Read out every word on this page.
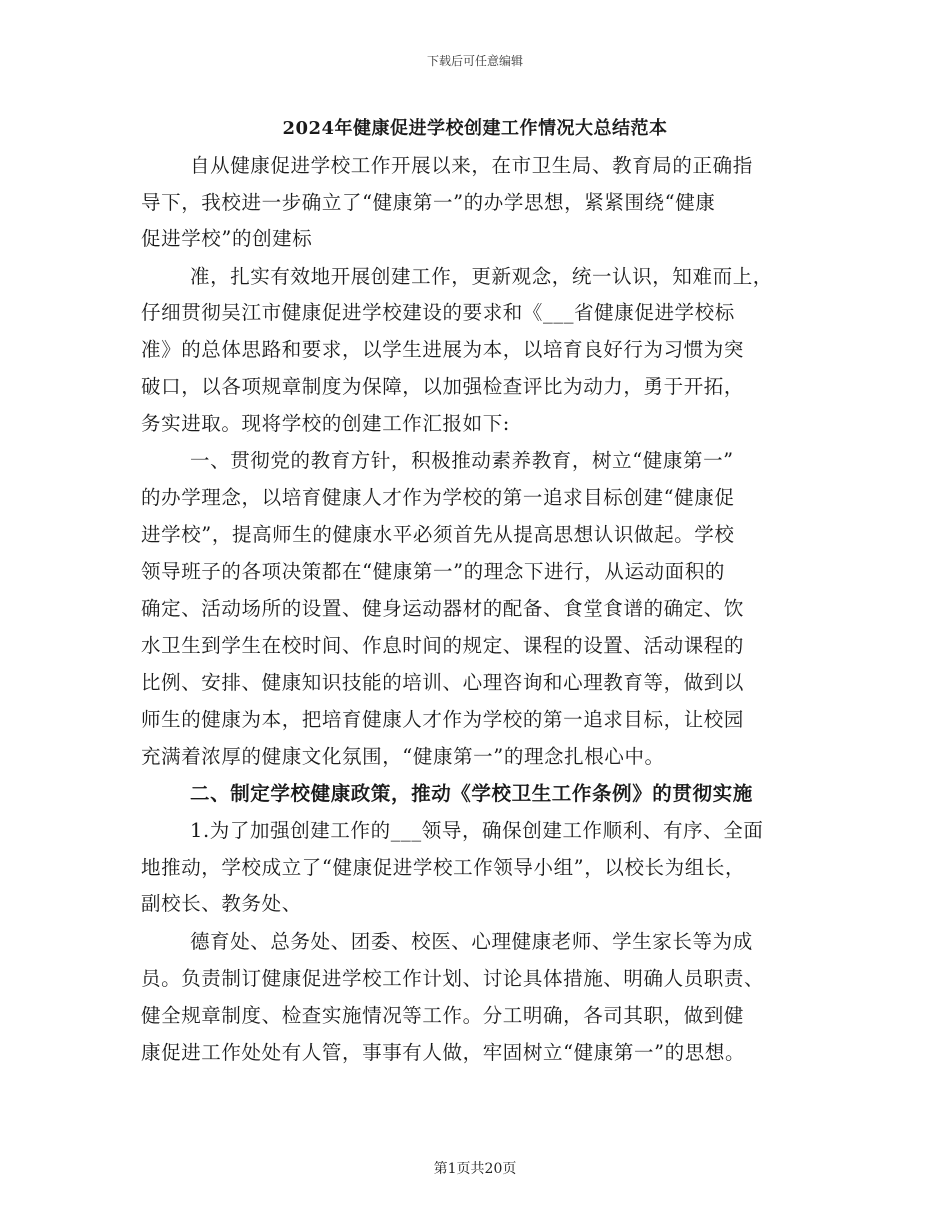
下载后可任意编辑
2024年健康促进学校创建工作情况大总结范本
自从健康促进学校工作开展以来，在市卫生局、教育局的正确指
导下，我校进一步确立了“健康第一”的办学思想，紧紧围绕“健康
促进学校”的创建标
准，扎实有效地开展创建工作，更新观念，统一认识，知难而上，
仔细贯彻吴江市健康促进学校建设的要求和《___省健康促进学校标
准》的总体思路和要求，以学生进展为本，以培育良好行为习惯为突
破口，以各项规章制度为保障，以加强检查评比为动力，勇于开拓，
务实进取。现将学校的创建工作汇报如下:
一、贯彻党的教育方针，积极推动素养教育，树立“健康第一”
的办学理念，以培育健康人才作为学校的第一追求目标创建“健康促
进学校”，提高师生的健康水平必须首先从提高思想认识做起。学校
领导班子的各项决策都在“健康第一”的理念下进行，从运动面积的
确定、活动场所的设置、健身运动器材的配备、食堂食谱的确定、饮
水卫生到学生在校时间、作息时间的规定、课程的设置、活动课程的
比例、安排、健康知识技能的培训、心理咨询和心理教育等，做到以
师生的健康为本，把培育健康人才作为学校的第一追求目标，让校园
充满着浓厚的健康文化氛围，“健康第一”的理念扎根心中。
二、制定学校健康政策，推动《学校卫生工作条例》的贯彻实施
1.为了加强创建工作的___领导，确保创建工作顺利、有序、全面
地推动，学校成立了“健康促进学校工作领导小组”，以校长为组长，
副校长、教务处、
德育处、总务处、团委、校医、心理健康老师、学生家长等为成
员。负责制订健康促进学校工作计划、讨论具体措施、明确人员职责、
健全规章制度、检查实施情况等工作。分工明确，各司其职，做到健
康促进工作处处有人管，事事有人做，牢固树立“健康第一”的思想。
第1页共20页
